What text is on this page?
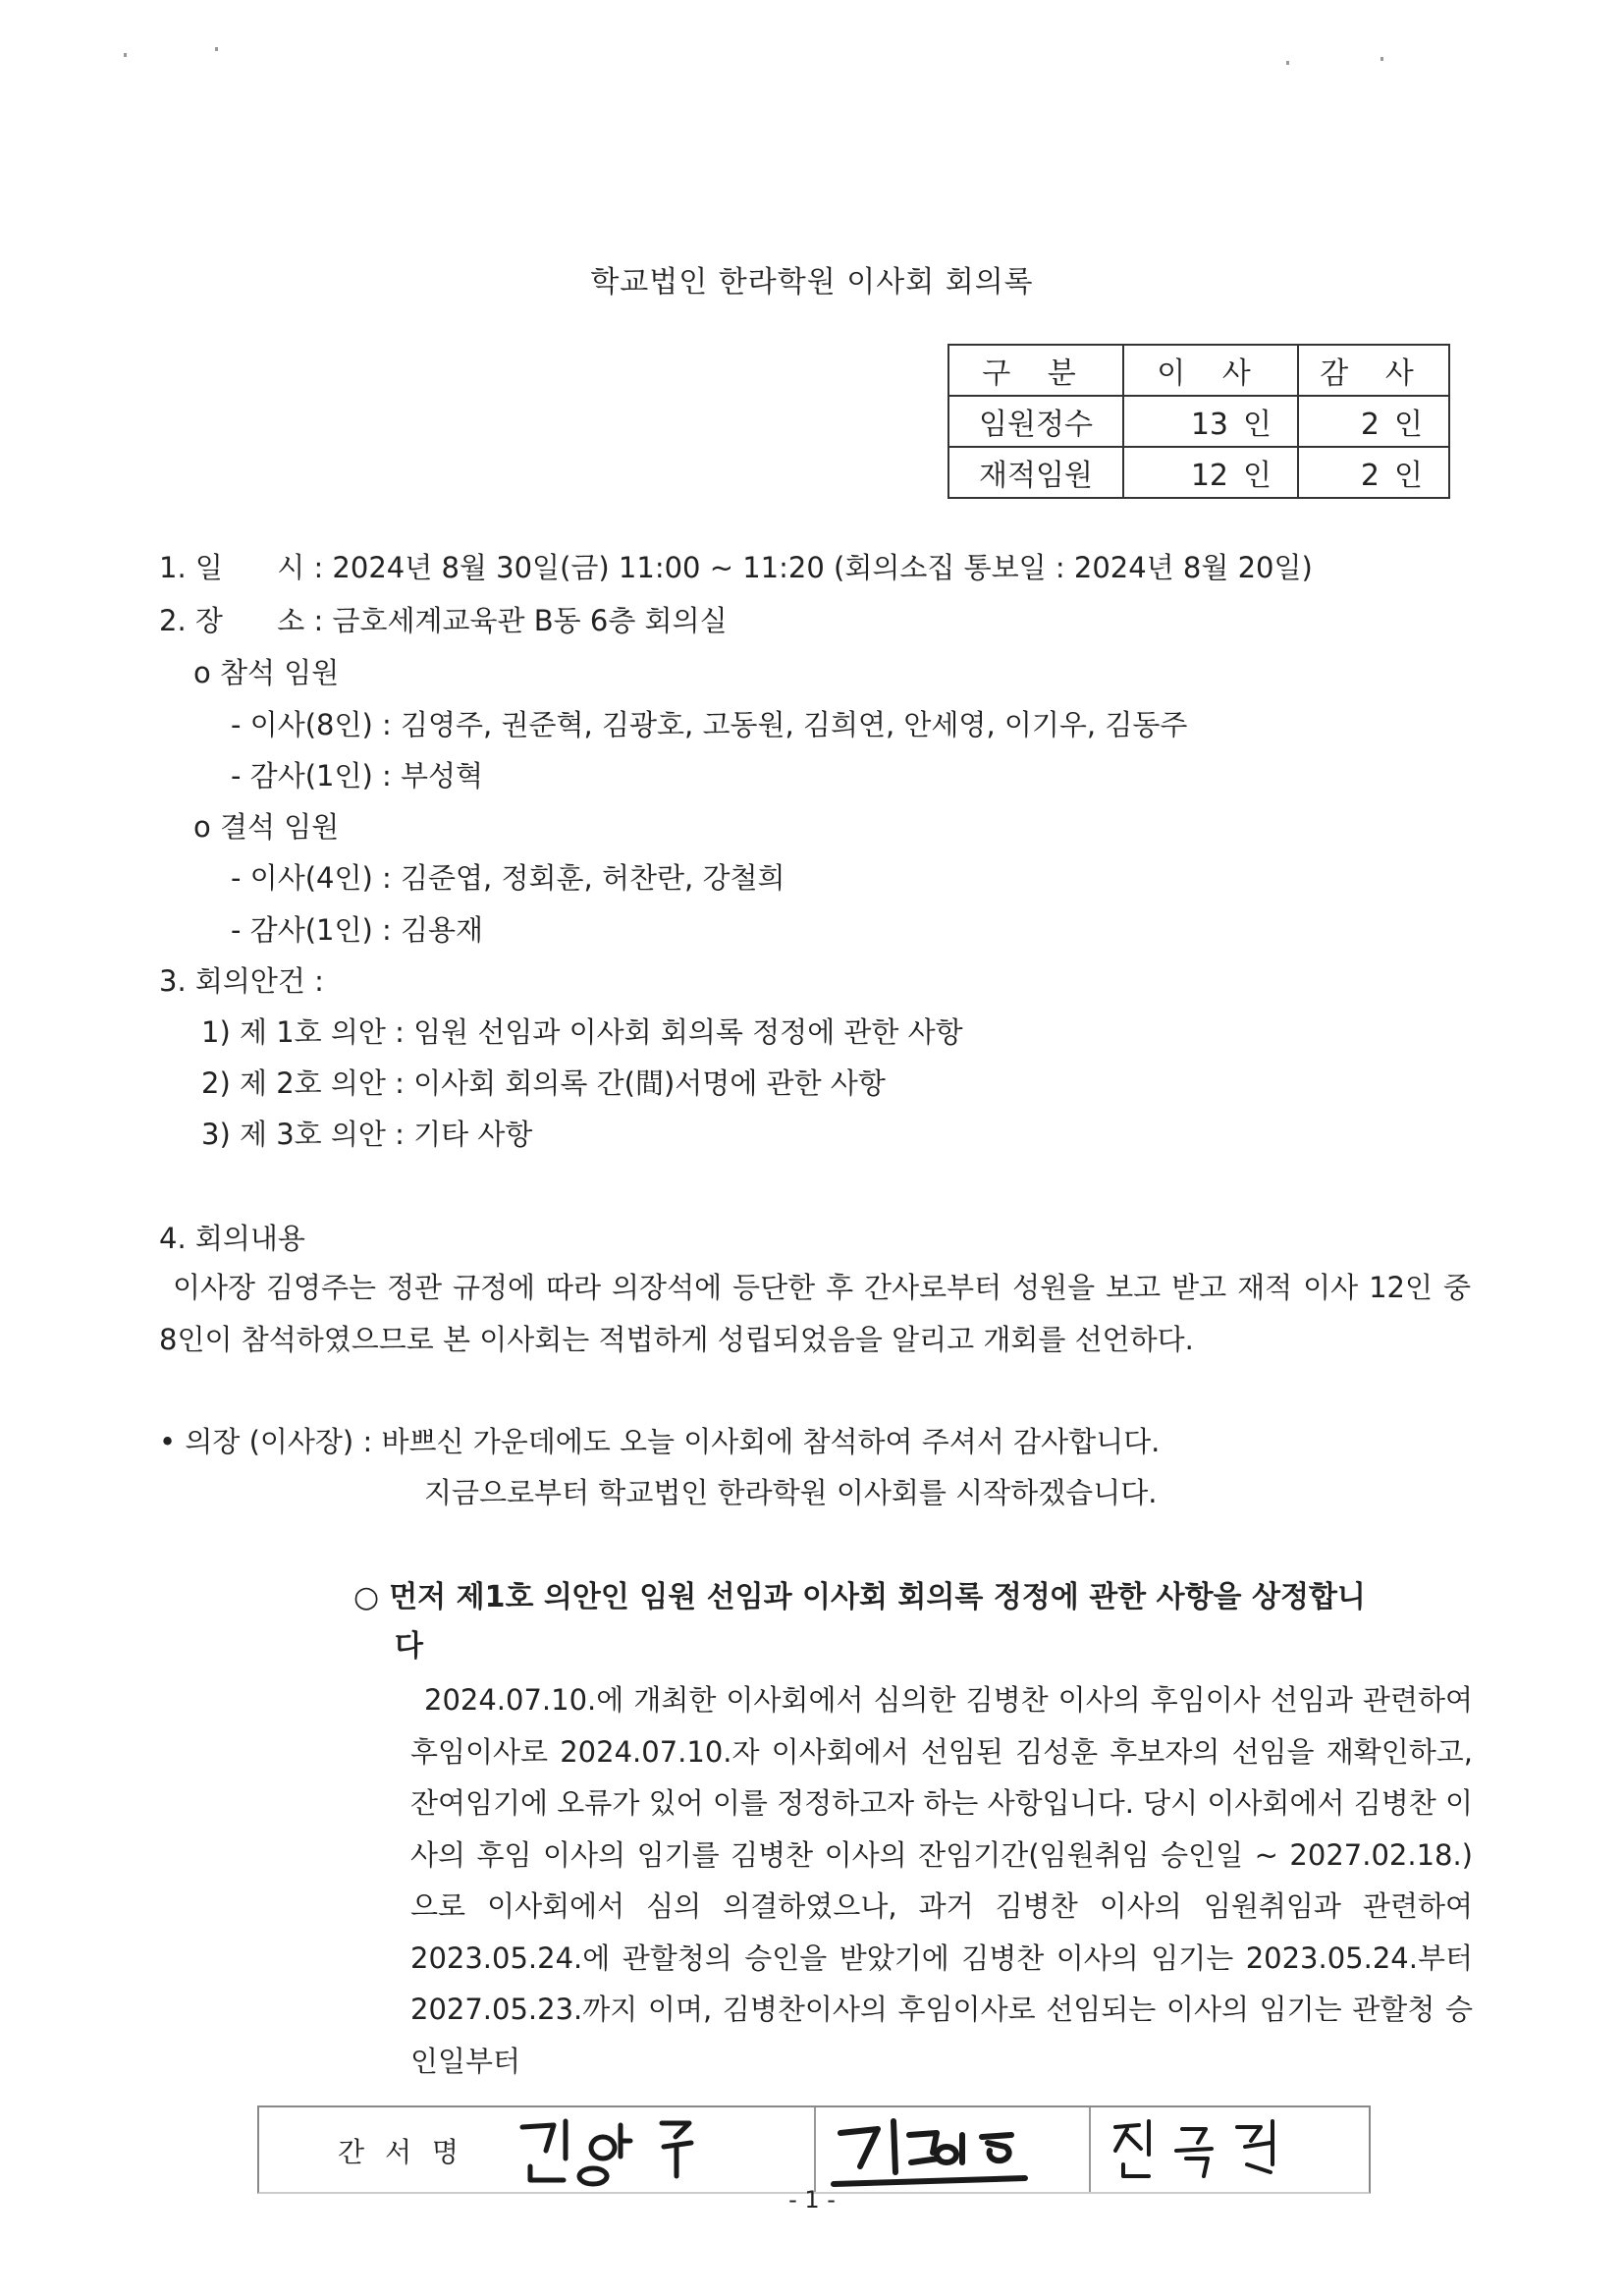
학교법인 한라학원 이사회 회의록
구 분	이 사	감 사
임원정수	13 인	2 인
재적임원	12 인	2 인
1. 일      시 : 2024년 8월 30일(금) 11:00 ~ 11:20 (회의소집 통보일 : 2024년 8월 20일)
2. 장      소 : 금호세계교육관 B동 6층 회의실
o 참석 임원
- 이사(8인) : 김영주, 권준혁, 김광호, 고동원, 김희연, 안세영, 이기우, 김동주
- 감사(1인) : 부성혁
o 결석 임원
- 이사(4인) : 김준엽, 정회훈, 허찬란, 강철희
- 감사(1인) : 김용재
3. 회의안건 :
1) 제 1호 의안 : 임원 선임과 이사회 회의록 정정에 관한 사항
2) 제 2호 의안 : 이사회 회의록 간(間)서명에 관한 사항
3) 제 3호 의안 : 기타 사항
4. 회의내용
이사장 김영주는 정관 규정에 따라 의장석에 등단한 후 간사로부터 성원을 보고 받고 재적 이사 12인 중 8인이 참석하였으므로 본 이사회는 적법하게 성립되었음을 알리고 개회를 선언하다.
• 의장 (이사장) : 바쁘신 가운데에도 오늘 이사회에 참석하여 주셔서 감사합니다.
지금으로부터 학교법인 한라학원 이사회를 시작하겠습니다.
○ 먼저 제1호 의안인 임원 선임과 이사회 회의록 정정에 관한 사항을 상정합니
다
2024.07.10.에 개최한 이사회에서 심의한 김병찬 이사의 후임이사 선임과 관련하여 후임이사로 2024.07.10.자 이사회에서 선임된 김성훈 후보자의 선임을 재확인하고, 잔여임기에 오류가 있어 이를 정정하고자 하는 사항입니다. 당시 이사회에서 김병찬 이사의 후임 이사의 임기를 김병찬 이사의 잔임기간(임원취임 승인일 ~ 2027.02.18.)으로 이사회에서 심의 의결하였으나, 과거 김병찬 이사의 임원취임과 관련하여 2023.05.24.에 관할청의 승인을 받았기에 김병찬 이사의 임기는 2023.05.24.부터 2027.05.23.까지 이며, 김병찬이사의 후임이사로 선임되는 이사의 임기는 관할청 승인일부터
간 서 명
- 1 -
